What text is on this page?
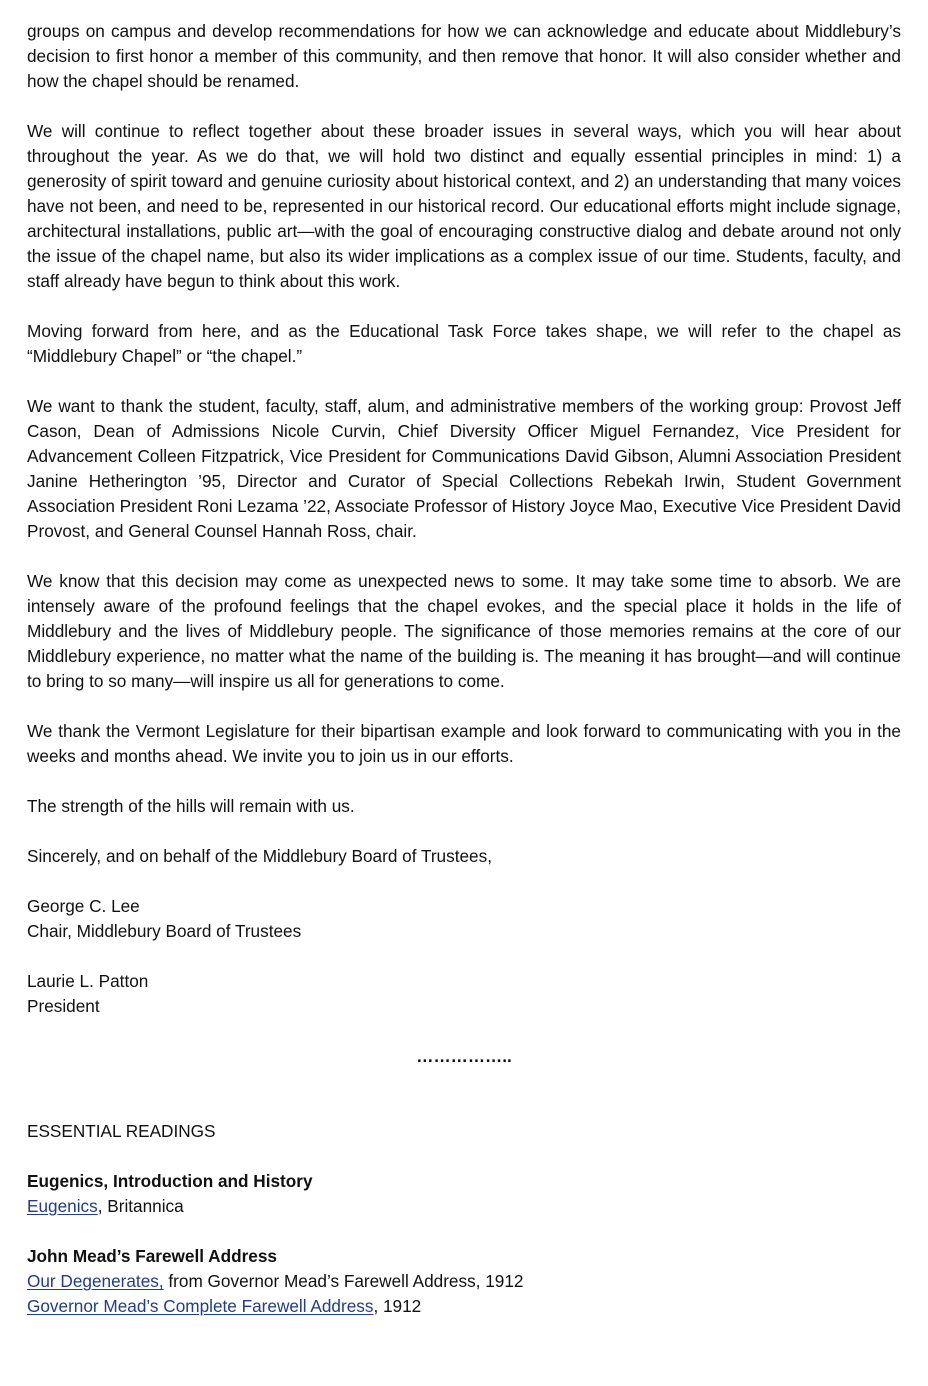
groups on campus and develop recommendations for how we can acknowledge and educate about Middlebury’s decision to first honor a member of this community, and then remove that honor. It will also consider whether and how the chapel should be renamed.

We will continue to reflect together about these broader issues in several ways, which you will hear about throughout the year. As we do that, we will hold two distinct and equally essential principles in mind: 1) a generosity of spirit toward and genuine curiosity about historical context, and 2) an understanding that many voices have not been, and need to be, represented in our historical record. Our educational efforts might include signage, architectural installations, public art—with the goal of encouraging constructive dialog and debate around not only the issue of the chapel name, but also its wider implications as a complex issue of our time. Students, faculty, and staff already have begun to think about this work.

Moving forward from here, and as the Educational Task Force takes shape, we will refer to the chapel as “Middlebury Chapel” or “the chapel.”

We want to thank the student, faculty, staff, alum, and administrative members of the working group: Provost Jeff Cason, Dean of Admissions Nicole Curvin, Chief Diversity Officer Miguel Fernandez, Vice President for Advancement Colleen Fitzpatrick, Vice President for Communications David Gibson, Alumni Association President Janine Hetherington ’95, Director and Curator of Special Collections Rebekah Irwin, Student Government Association President Roni Lezama ’22, Associate Professor of History Joyce Mao, Executive Vice President David Provost, and General Counsel Hannah Ross, chair.

We know that this decision may come as unexpected news to some. It may take some time to absorb. We are intensely aware of the profound feelings that the chapel evokes, and the special place it holds in the life of Middlebury and the lives of Middlebury people. The significance of those memories remains at the core of our Middlebury experience, no matter what the name of the building is. The meaning it has brought—and will continue to bring to so many—will inspire us all for generations to come.

We thank the Vermont Legislature for their bipartisan example and look forward to communicating with you in the weeks and months ahead. We invite you to join us in our efforts.

The strength of the hills will remain with us.

Sincerely, and on behalf of the Middlebury Board of Trustees,

George C. Lee
Chair, Middlebury Board of Trustees
Laurie L. Patton
President
……………..
ESSENTIAL READINGS
Eugenics, Introduction and History
Eugenics, Britannica
John Mead’s Farewell Address
Our Degenerates, from Governor Mead’s Farewell Address, 1912
Governor Mead’s Complete Farewell Address, 1912
